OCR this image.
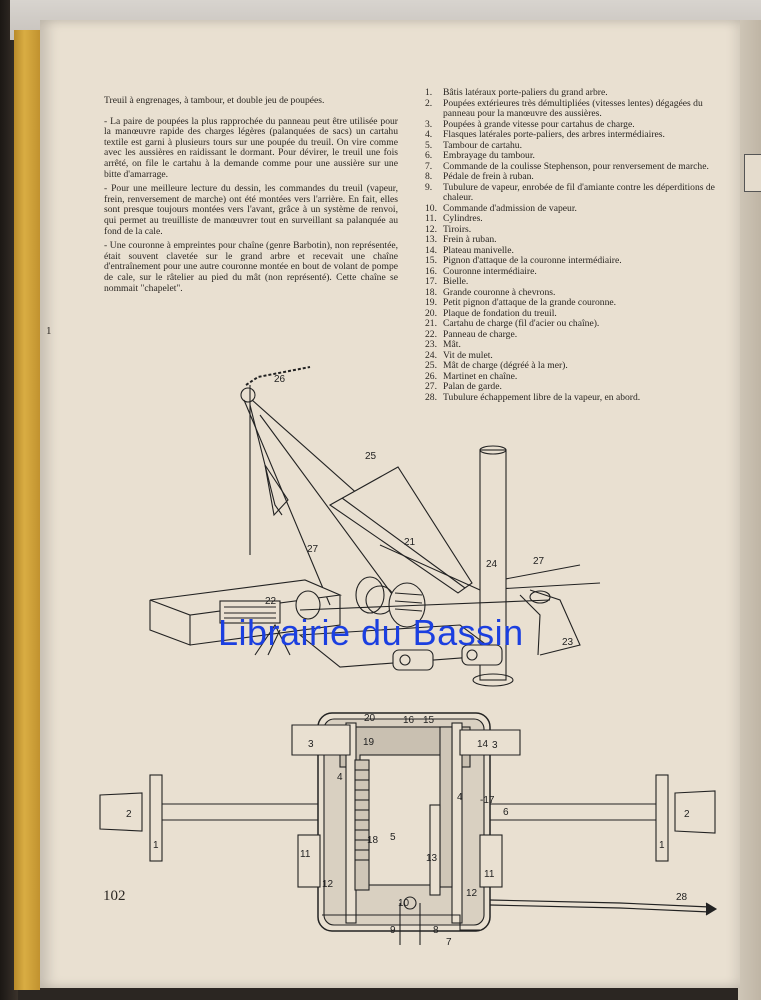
1

Treuil à engrenages, à tambour, et double jeu de poupées.

- La paire de poupées la plus rapprochée du panneau peut être utilisée pour la manœuvre rapide des charges légères (palanquées de sacs) un cartahu textile est garni à plusieurs tours sur une poupée du treuil. On vire comme avec les aussières en raidissant le dormant. Pour dévirer, le treuil une fois arrêté, on file le cartahu à la demande comme pour une aussière sur une bitte d'amarrage.

- Pour une meilleure lecture du dessin, les commandes du treuil (vapeur, frein, renversement de marche) ont été montées vers l'arrière. En fait, elles sont presque toujours montées vers l'avant, grâce à un système de renvoi, qui permet au treuilliste de manœuvrer tout en surveillant sa palanquée au fond de la cale.

- Une couronne à empreintes pour chaîne (genre Barbotin), non représentée, était souvent clavetée sur le grand arbre et recevait une chaîne d'entraînement pour une autre couronne montée en bout de volant de pompe de cale, sur le râtelier au pied du mât (non représenté). Cette chaîne se nommait "chapelet".

1.	Bâtis latéraux porte-paliers du grand arbre.
2.	Poupées extérieures très démultipliées (vitesses lentes) dégagées du panneau pour la manœuvre des aussières.
3.	Poupées à grande vitesse pour cartahus de charge.
4.	Flasques latérales porte-paliers, des arbres intermédiaires.
5.	Tambour de cartahu.
6.	Embrayage du tambour.
7.	Commande de la coulisse Stephenson, pour renversement de marche.
8.	Pédale de frein à ruban.
9.	Tubulure de vapeur, enrobée de fil d'amiante contre les déperditions de chaleur.
10. Commande d'admission de vapeur.
11. Cylindres.
12. Tiroirs.
13. Frein à ruban.
14. Plateau manivelle.
15. Pignon d'attaque de la couronne intermédiaire.
16. Couronne intermédiaire.
17. Bielle.
18. Grande couronne à chevrons.
19. Petit pignon d'attaque de la grande couronne.
20. Plaque de fondation du treuil.
21. Cartahu de charge (fil d'acier ou chaîne).
22. Panneau de charge.
23. Mât.
24. Vit de mulet.
25. Mât de charge (dégréé à la mer).
26. Martinet en chaîne.
27. Palan de garde.
28. Tubulure échappement libre de la vapeur, en abord.
26
25
27
21
24	27
22
23
20	16 15
14
19
3	3
4
4 -17
6
18 5
2	2
1	1
11
11
13
12
12
10
9	8
7
28
Librairie du Bassin
102
